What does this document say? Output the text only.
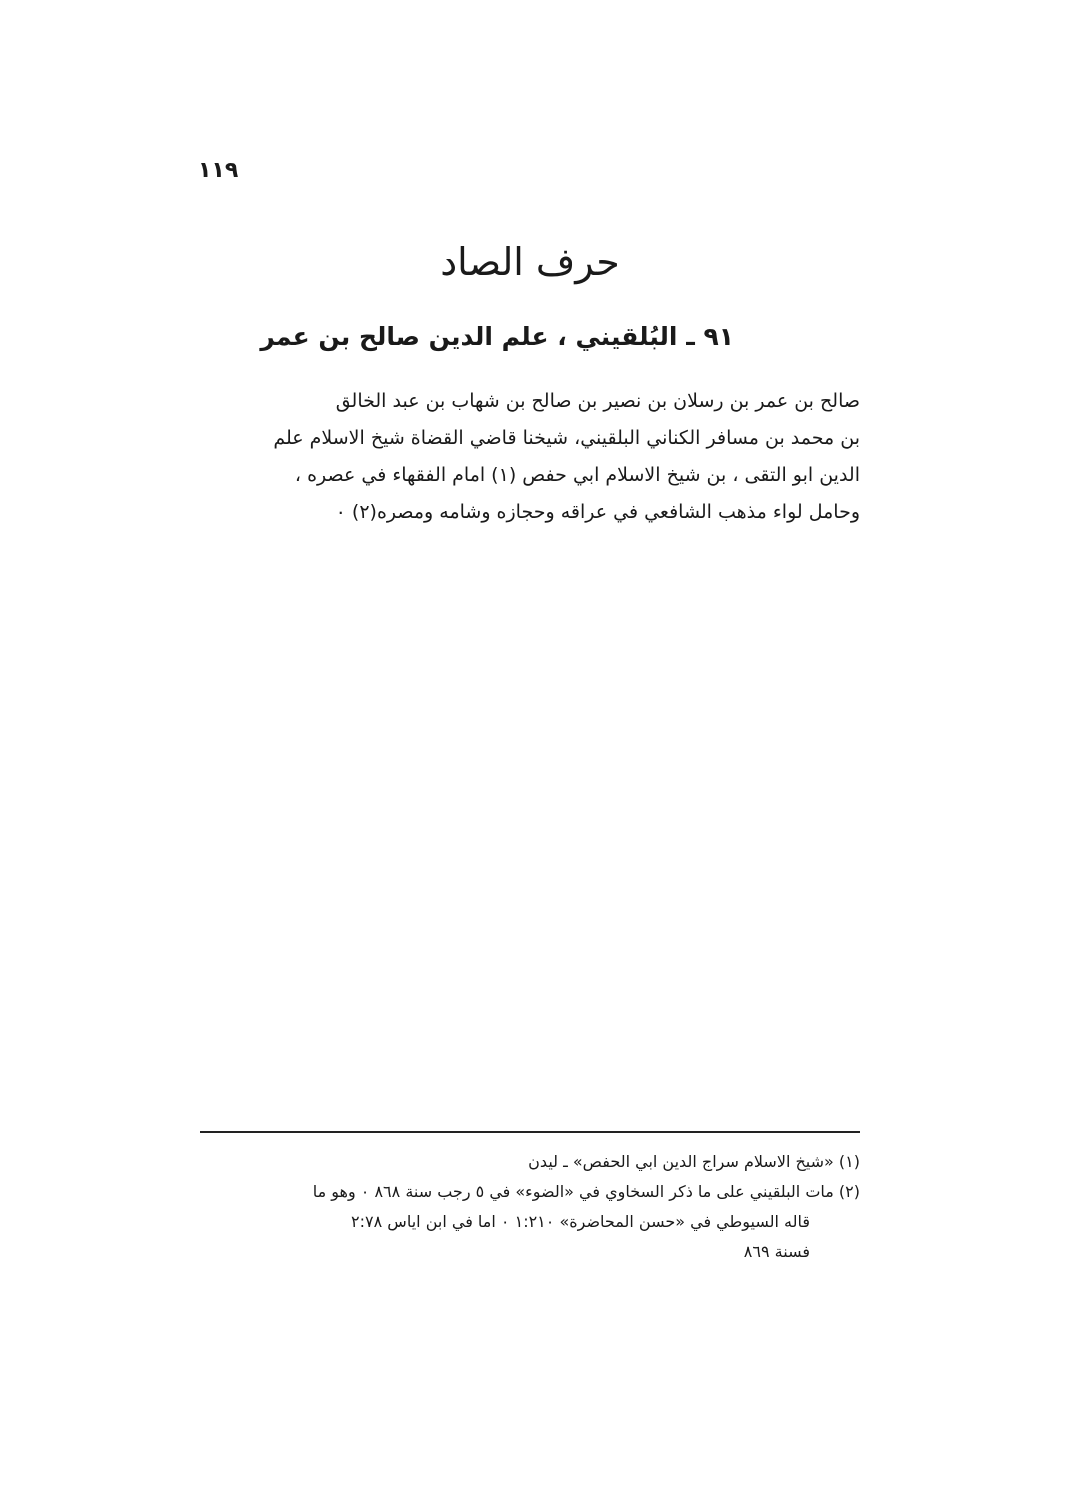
١١٩
حرف الصاد
٩١ ـ البُلقيني ، علم الدين صالح بن عمر
صالح بن عمر بن رسلان بن نصير بن صالح بن شهاب بن عبد الخالق
بن محمد بن مسافر الكناني البلقيني، شيخنا قاضي القضاة شيخ الاسلام علم
الدين ابو التقى ، بن شيخ الاسلام ابي حفص (١) امام الفقهاء في عصره ،
وحامل لواء مذهب الشافعي في عراقه وحجازه وشامه ومصره(٢) ٠
(١) «شيخ الاسلام سراج الدين ابي الحفص» ـ ليدن
(٢) مات البلقيني على ما ذكر السخاوي في «الضوء» في ٥ رجب سنة ٨٦٨ ٠ وهو ما
قاله السيوطي في «حسن المحاضرة» ١:٢١٠ ٠ اما في ابن اياس ٢:٧٨
فسنة ٨٦٩
